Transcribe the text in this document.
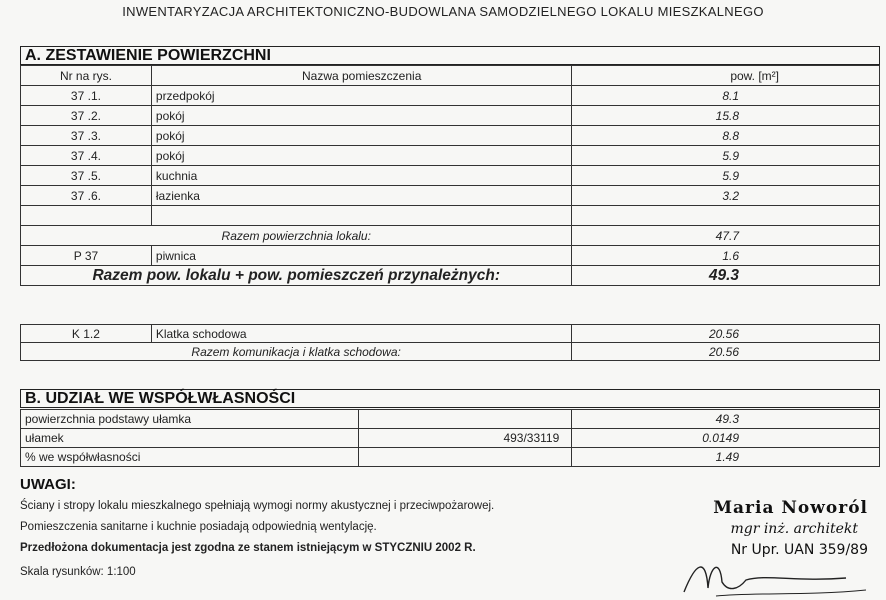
INWENTARYZACJA ARCHITEKTONICZNO-BUDOWLANA SAMODZIELNEGO LOKALU MIESZKALNEGO
A. ZESTAWIENIE POWIERZCHNI
Nr na rys.	Nazwa pomieszczenia	pow. [m²]
37 .1.	przedpokój	8.1
37 .2.	pokój	15.8
37 .3.	pokój	8.8
37 .4.	pokój	5.9
37 .5.	kuchnia	5.9
37 .6.	łazienka	3.2

Razem powierzchnia lokalu:		47.7
P 37	piwnica	1.6
Razem pow. lokalu + pow. pomieszczeń przynależnych:		49.3
K 1.2	Klatka schodowa	20.56
Razem komunikacja i klatka schodowa:		20.56
B. UDZIAŁ WE WSPÓŁWŁASNOŚCI
powierzchnia podstawy ułamka		49.3
ułamek	493/33119	0.0149
% we współwłasności		1.49
UWAGI:
Ściany i stropy lokalu mieszkalnego spełniają wymogi normy akustycznej i przeciwpożarowej.
Pomieszczenia sanitarne i kuchnie posiadają odpowiednią wentylację.
Przedłożona dokumentacja jest zgodna ze stanem istniejącym w STYCZNIU 2002 R.
Skala rysunków: 1:100
Maria Noworól
mgr inż. architekt
Nr Upr. UAN 359/89
